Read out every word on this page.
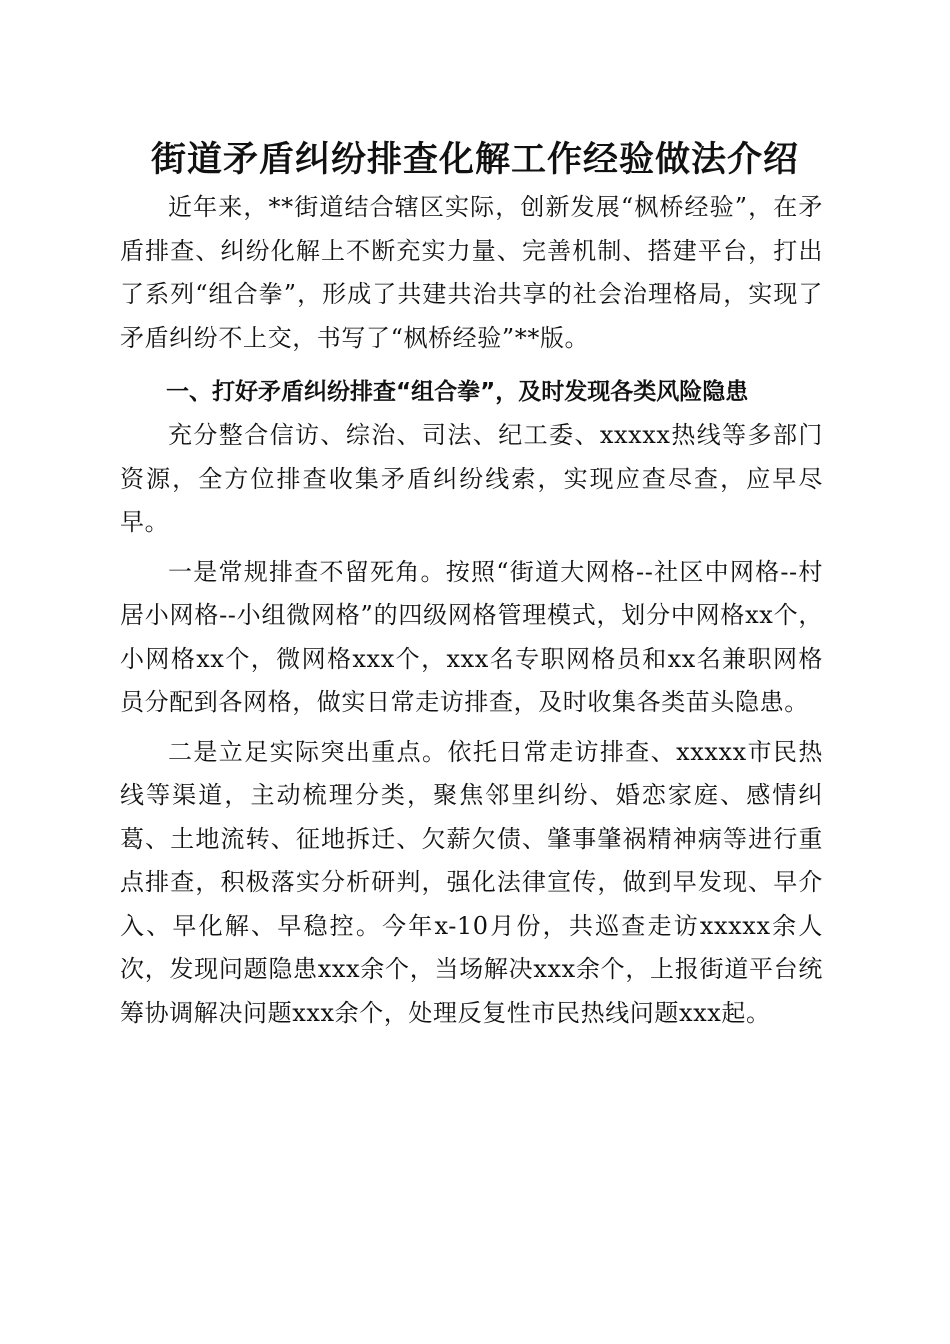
街道矛盾纠纷排查化解工作经验做法介绍

近年来，**街道结合辖区实际，创新发展“枫桥经验”，在矛盾排查、纠纷化解上不断充实力量、完善机制、搭建平台，打出了系列“组合拳”，形成了共建共治共享的社会治理格局，实现了矛盾纠纷不上交，书写了“枫桥经验”**版。

一、打好矛盾纠纷排查“组合拳”，及时发现各类风险隐患

充分整合信访、综治、司法、纪工委、xxxxx热线等多部门资源，全方位排查收集矛盾纠纷线索，实现应查尽查，应早尽早。

一是常规排查不留死角。按照“街道大网格--社区中网格--村居小网格--小组微网格”的四级网格管理模式，划分中网格xx个，小网格xx个，微网格xxx个，xxx名专职网格员和xx名兼职网格员分配到各网格，做实日常走访排查，及时收集各类苗头隐患。

二是立足实际突出重点。依托日常走访排查、xxxxx市民热线等渠道，主动梳理分类，聚焦邻里纠纷、婚恋家庭、感情纠葛、土地流转、征地拆迁、欠薪欠债、肇事肇祸精神病等进行重点排查，积极落实分析研判，强化法律宣传，做到早发现、早介入、早化解、早稳控。今年x-10月份，共巡查走访xxxxx余人次，发现问题隐患xxx余个，当场解决xxx余个，上报街道平台统筹协调解决问题xxx余个，处理反复性市民热线问题xxx起。
